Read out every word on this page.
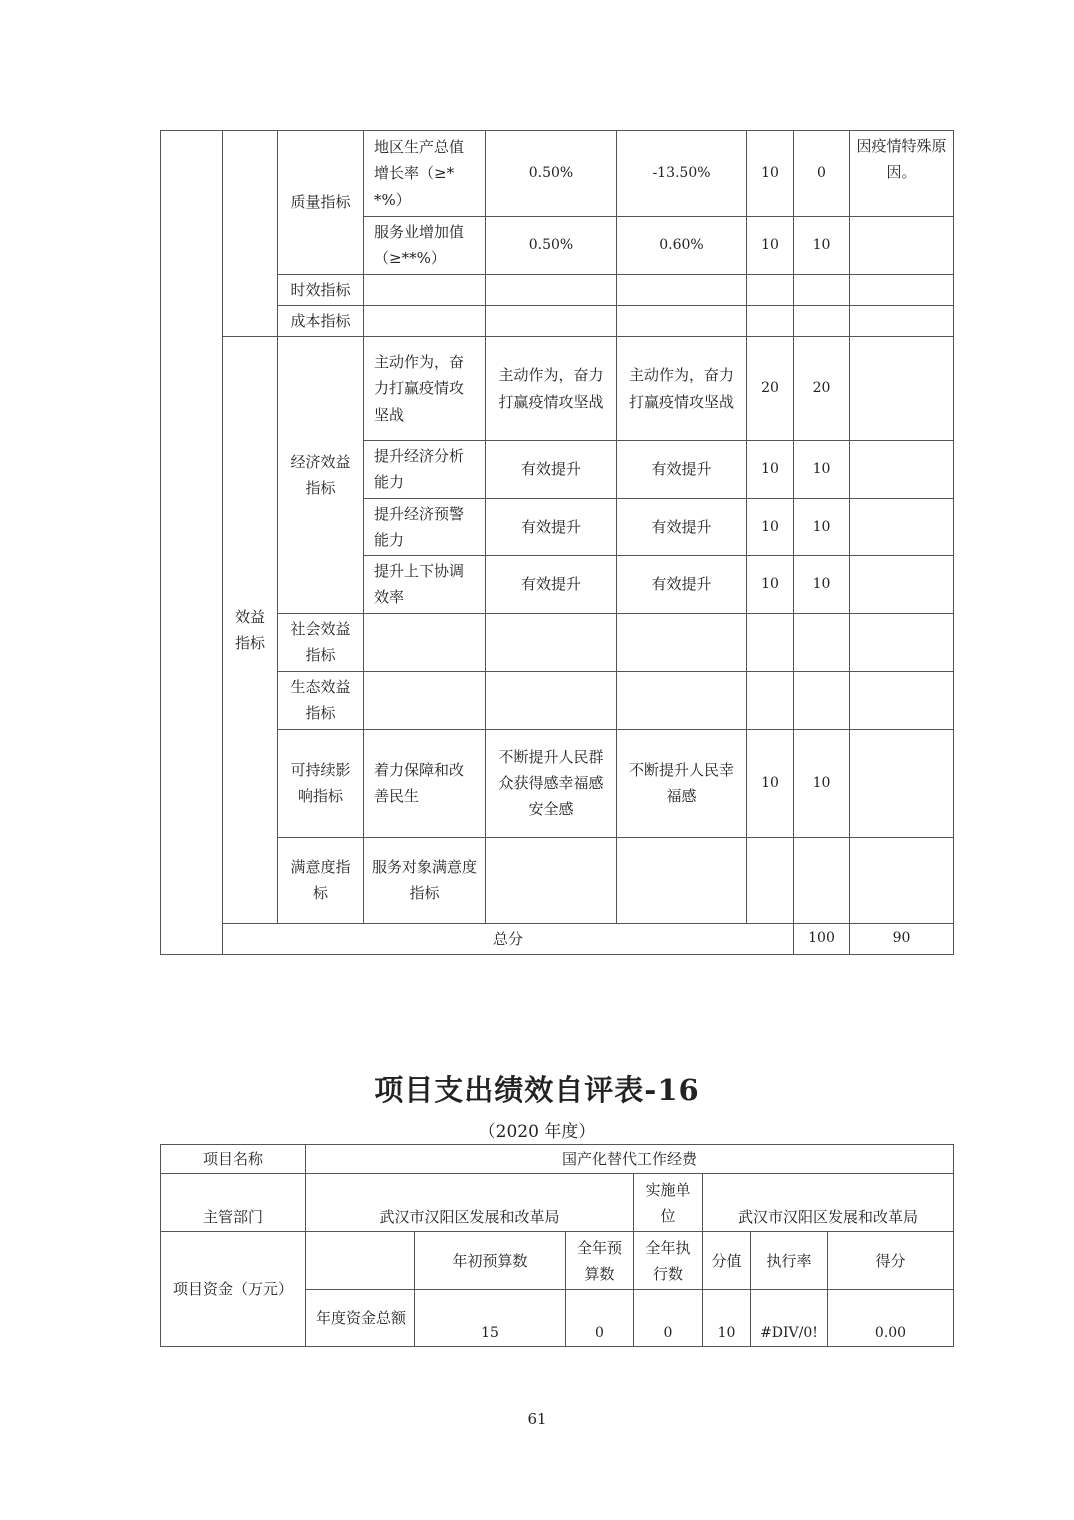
		质量指标	地区生产总值增长率（≥**%）	0.50%	-13.50%	10	0	因疫情特殊原因。	
			服务业增加值（≥**%）	0.50%	0.60%	10	10		
		时效指标							
		成本指标							
	效益指标	经济效益指标	主动作为，奋力打赢疫情攻坚战	主动作为，奋力打赢疫情攻坚战	主动作为，奋力打赢疫情攻坚战	20	20		
			提升经济分析能力	有效提升	有效提升	10	10		
			提升经济预警能力	有效提升	有效提升	10	10		
			提升上下协调效率	有效提升	有效提升	10	10		
		社会效益指标							
		生态效益指标							
		可持续影响指标	着力保障和改善民生	不断提升人民群众获得感幸福感安全感	不断提升人民幸福感	10	10		
		满意度指标	服务对象满意度指标						
	总分						100	90	
项目支出绩效自评表-16
（2020 年度）
项目名称	国产化替代工作经费						
主管部门	武汉市汉阳区发展和改革局			实施单位	武汉市汉阳区发展和改革局		
项目资金（万元）		年初预算数	全年预算数	全年执行数	分值	执行率	得分
	年度资金总额	15	0	0	10	#DIV/0!	0.00
61
